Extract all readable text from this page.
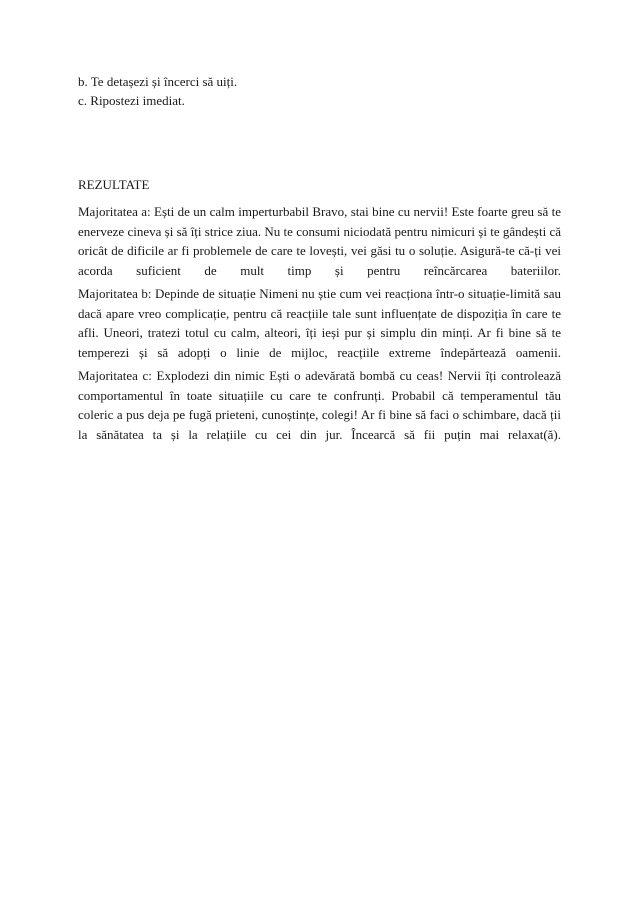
b. Te detașezi și încerci să uiți.

c. Ripostezi imediat.

REZULTATE

Majoritatea a: Ești de un calm imperturbabil Bravo, stai bine cu nervii! Este foarte greu să te enerveze cineva și să îți strice ziua. Nu te consumi niciodată pentru nimicuri și te gândești că oricât de dificile ar fi problemele de care te lovești, vei găsi tu o soluție. Asigură-te că-ți vei acorda suficient de mult timp și pentru reîncărcarea bateriilor.

Majoritatea b: Depinde de situație Nimeni nu știe cum vei reacționa într-o situație-limită sau dacă apare vreo complicație, pentru că reacțiile tale sunt influențate de dispoziția în care te afli. Uneori, tratezi totul cu calm, alteori, îți ieși pur și simplu din minți. Ar fi bine să te temperezi și să adopți o linie de mijloc, reacțiile extreme îndepărtează oamenii.

Majoritatea c: Explodezi din nimic Ești o adevărată bombă cu ceas! Nervii îți controlează comportamentul în toate situațiile cu care te confrunți. Probabil că temperamentul tău coleric a pus deja pe fugă prieteni, cunoștințe, colegi! Ar fi bine să faci o schimbare, dacă ții la sănătatea ta și la relațiile cu cei din jur. Încearcă să fii puțin mai relaxat(ă).
